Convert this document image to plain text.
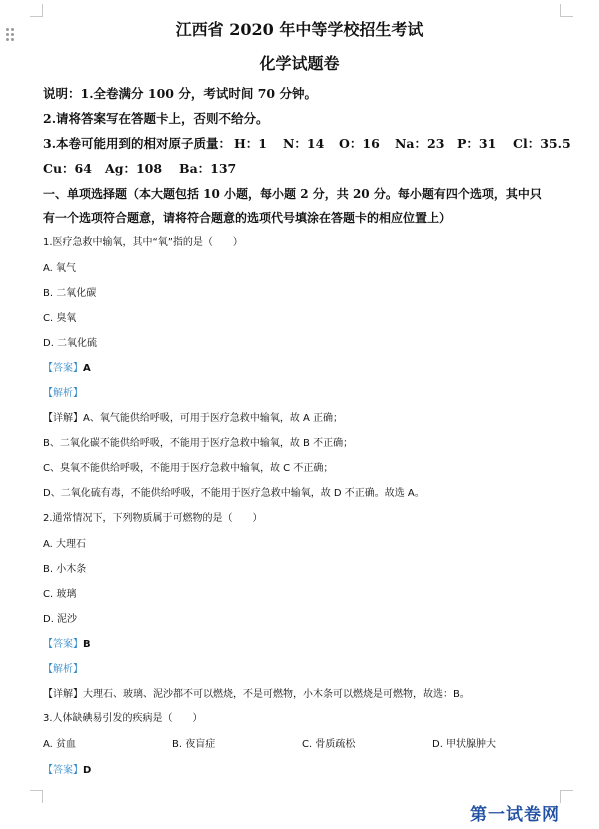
江西省 2020 年中等学校招生考试
化学试题卷
说明：1.全卷满分 100 分，考试时间 70 分钟。
2.请将答案写在答题卡上，否则不给分。
3.本卷可能用到的相对原子质量： H：1 N：14 O：16 Na：23 P：31 Cl：35.5
Cu：64 Ag：108 Ba：137
一、单项选择题（本大题包括 10 小题，每小题 2 分，共 20 分。每小题有四个选项，其中只
有一个选项符合题意，请将符合题意的选项代号填涂在答题卡的相应位置上）
1.医疗急救中输氧，其中“氧”指的是（　　）
A. 氧气
B. 二氧化碳
C. 臭氧
D. 二氧化硫
【答案】A
【解析】
【详解】A、氧气能供给呼吸，可用于医疗急救中输氧，故 A 正确；
B、二氧化碳不能供给呼吸，不能用于医疗急救中输氧，故 B 不正确；
C、臭氧不能供给呼吸，不能用于医疗急救中输氧，故 C 不正确；
D、二氧化硫有毒，不能供给呼吸，不能用于医疗急救中输氧，故 D 不正确。故选 A。
2.通常情况下，下列物质属于可燃物的是（　　）
A. 大理石
B. 小木条
C. 玻璃
D. 泥沙
【答案】B
【解析】
【详解】大理石、玻璃、泥沙都不可以燃烧，不是可燃物，小木条可以燃烧是可燃物，故选：B。
3.人体缺碘易引发的疾病是（　　）
A. 贫血	B. 夜盲症	C. 骨质疏松	D. 甲状腺肿大
【答案】D
第一试卷网
